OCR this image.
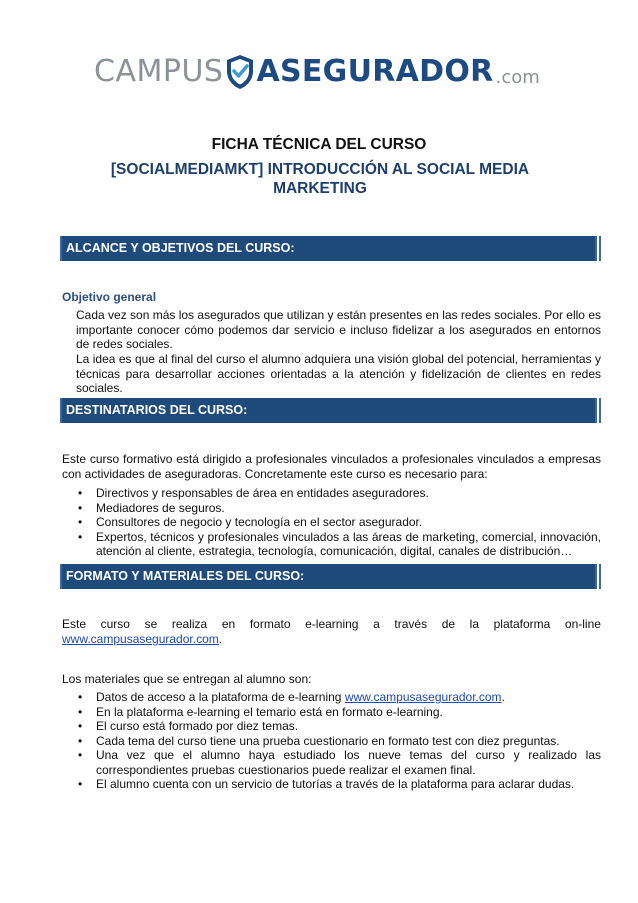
CAMPUS ASEGURADOR .com
FICHA TÉCNICA DEL CURSO
[SOCIALMEDIAMKT] INTRODUCCIÓN AL SOCIAL MEDIA MARKETING
ALCANCE Y OBJETIVOS DEL CURSO:
Objetivo general
Cada vez son más los asegurados que utilizan y están presentes en las redes sociales. Por ello es importante conocer cómo podemos dar servicio e incluso fidelizar a los asegurados en entornos de redes sociales.
La idea es que al final del curso el alumno adquiera una visión global del potencial, herramientas y técnicas para desarrollar acciones orientadas a la atención y fidelización de clientes en redes sociales.
DESTINATARIOS DEL CURSO:
Este curso formativo está dirigido a profesionales vinculados a profesionales vinculados a empresas con actividades de aseguradoras. Concretamente este curso es necesario para:
• Directivos y responsables de área en entidades aseguradores.
• Mediadores de seguros.
• Consultores de negocio y tecnología en el sector asegurador.
• Expertos, técnicos y profesionales vinculados a las áreas de marketing, comercial, innovación, atención al cliente, estrategia, tecnología, comunicación, digital, canales de distribución…
FORMATO Y MATERIALES DEL CURSO:
Este curso se realiza en formato e-learning a través de la plataforma on-line
www.campusasegurador.com.
Los materiales que se entregan al alumno son:
• Datos de acceso a la plataforma de e-learning www.campusasegurador.com.
• En la plataforma e-learning el temario está en formato e-learning.
• El curso está formado por diez temas.
• Cada tema del curso tiene una prueba cuestionario en formato test con diez preguntas.
• Una vez que el alumno haya estudiado los nueve temas del curso y realizado las correspondientes pruebas cuestionarios puede realizar el examen final.
• El alumno cuenta con un servicio de tutorías a través de la plataforma para aclarar dudas.
